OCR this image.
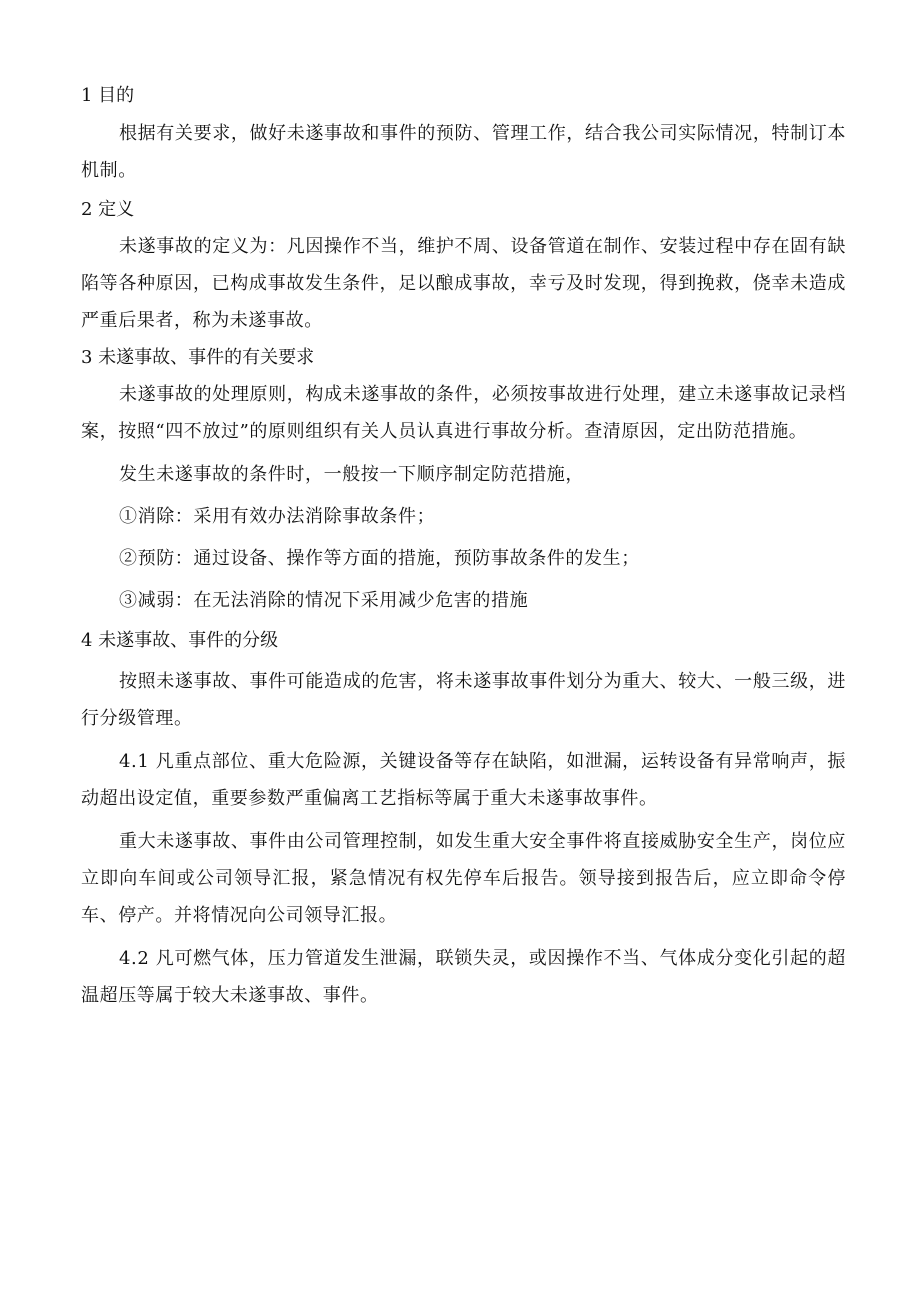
1 目的

根据有关要求，做好未遂事故和事件的预防、管理工作，结合我公司实际情况，特制订本机制。

2 定义

未遂事故的定义为：凡因操作不当，维护不周、设备管道在制作、安装过程中存在固有缺陷等各种原因，已构成事故发生条件，足以酿成事故，幸亏及时发现，得到挽救，侥幸未造成严重后果者，称为未遂事故。

3 未遂事故、事件的有关要求

未遂事故的处理原则，构成未遂事故的条件，必须按事故进行处理，建立未遂事故记录档案，按照“四不放过”的原则组织有关人员认真进行事故分析。查清原因，定出防范措施。

发生未遂事故的条件时，一般按一下顺序制定防范措施，

①消除：采用有效办法消除事故条件；

②预防：通过设备、操作等方面的措施，预防事故条件的发生；

③减弱：在无法消除的情况下采用减少危害的措施

4 未遂事故、事件的分级

按照未遂事故、事件可能造成的危害，将未遂事故事件划分为重大、较大、一般三级，进行分级管理。

4.1 凡重点部位、重大危险源，关键设备等存在缺陷，如泄漏，运转设备有异常响声，振动超出设定值，重要参数严重偏离工艺指标等属于重大未遂事故事件。

重大未遂事故、事件由公司管理控制，如发生重大安全事件将直接威胁安全生产，岗位应立即向车间或公司领导汇报，紧急情况有权先停车后报告。领导接到报告后，应立即命令停车、停产。并将情况向公司领导汇报。

4.2 凡可燃气体，压力管道发生泄漏，联锁失灵，或因操作不当、气体成分变化引起的超温超压等属于较大未遂事故、事件。
